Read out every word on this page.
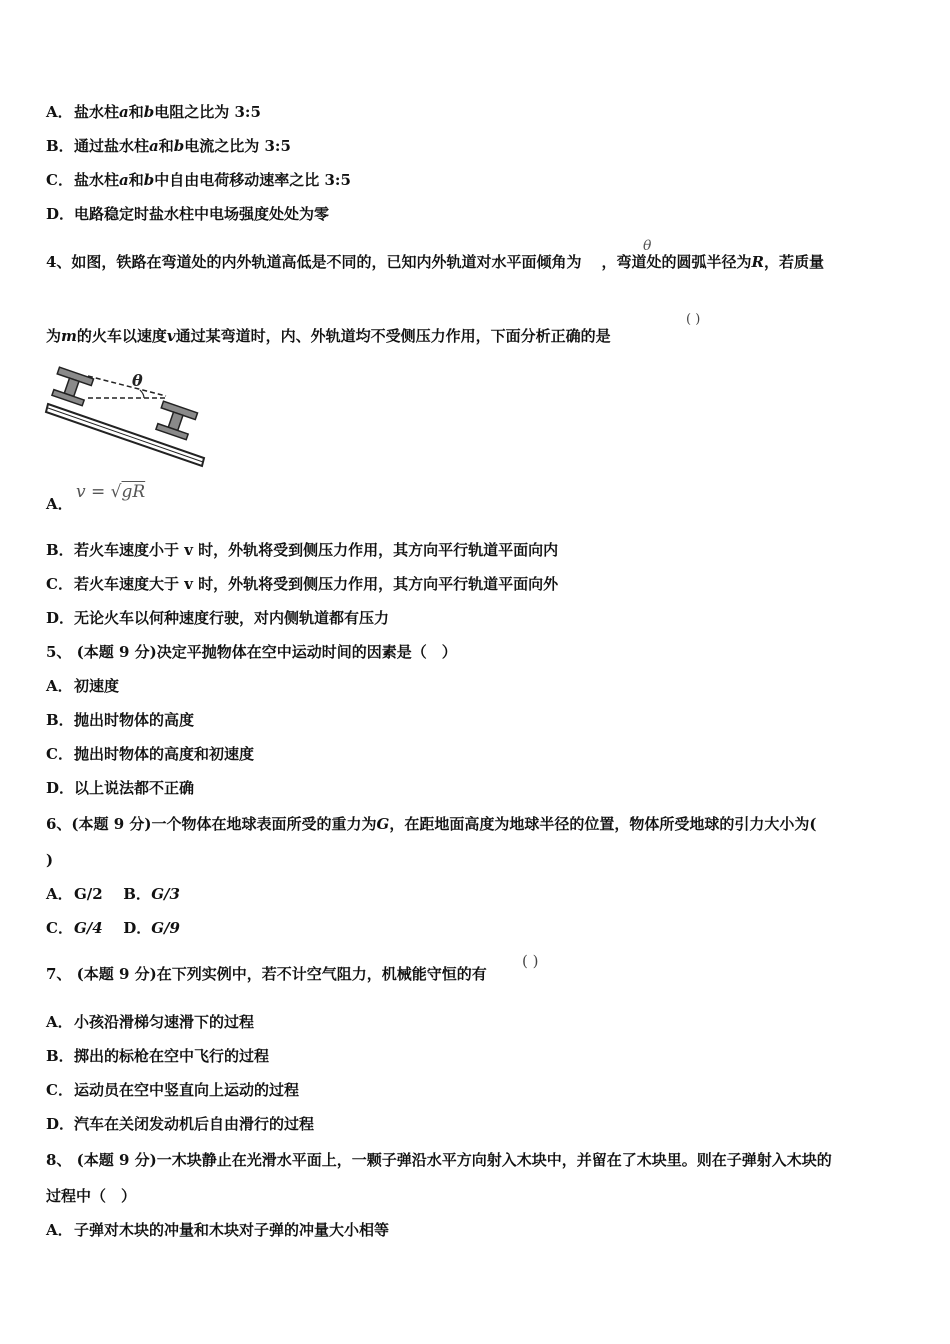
A．盐水柱a和b电阻之比为 3:5
B．通过盐水柱a和b电流之比为 3:5
C．盐水柱a和b中自由电荷移动速率之比 3:5
D．电路稳定时盐水柱中电场强度处处为零
4、如图，铁路在弯道处的内外轨道高低是不同的，已知内外轨道对水平面倾角为 ，弯道处的圆弧半径为R，若质量
θ
为m的火车以速度v通过某弯道时，内、外轨道均不受侧压力作用，下面分析正确的是
( )
θ
A．
v = √gR
B．若火车速度小于 v 时，外轨将受到侧压力作用，其方向平行轨道平面向内
C．若火车速度大于 v 时，外轨将受到侧压力作用，其方向平行轨道平面向外
D．无论火车以何种速度行驶，对内侧轨道都有压力
5、 (本题 9 分)决定平抛物体在空中运动时间的因素是（　）
A．初速度
B．抛出时物体的高度
C．抛出时物体的高度和初速度
D．以上说法都不正确
6、(本题 9 分)一个物体在地球表面所受的重力为G，在距地面高度为地球半径的位置，物体所受地球的引力大小为(
)
A．G/2 B．G/3
C．G/4 D．G/9
7、 (本题 9 分)在下列实例中，若不计空气阻力，机械能守恒的有
( )
A．小孩沿滑梯匀速滑下的过程
B．掷出的标枪在空中飞行的过程
C．运动员在空中竖直向上运动的过程
D．汽车在关闭发动机后自由滑行的过程
8、 (本题 9 分)一木块静止在光滑水平面上，一颗子弹沿水平方向射入木块中，并留在了木块里。则在子弹射入木块的
过程中（　）
A．子弹对木块的冲量和木块对子弹的冲量大小相等
